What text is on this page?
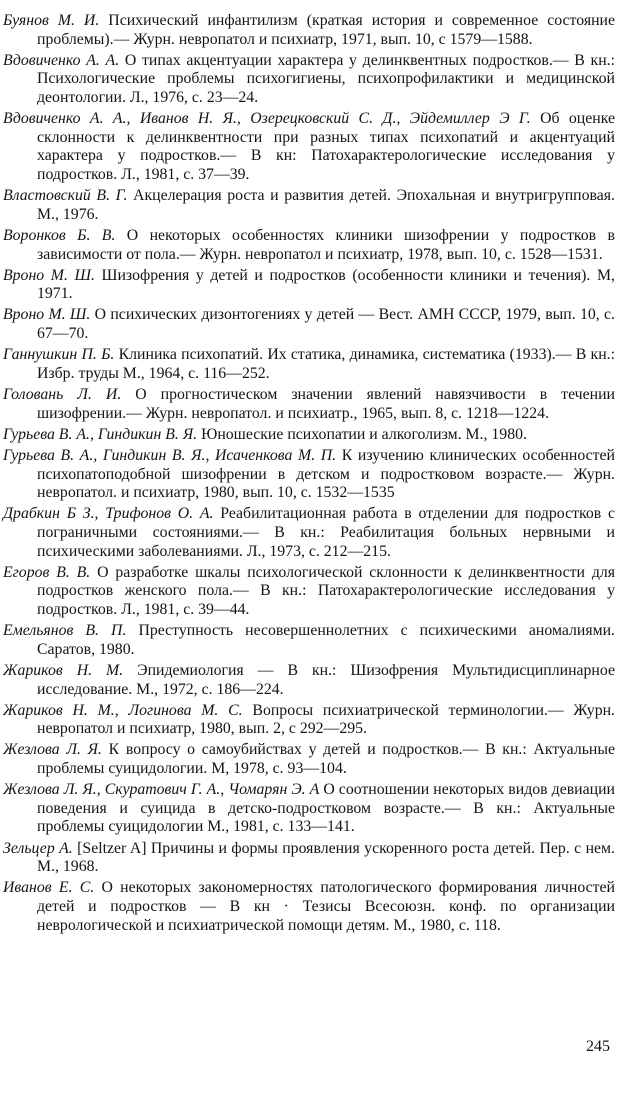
Буянов М. И. Психический инфантилизм (краткая история и современное состояние проблемы).— Журн. невропатол и психиатр, 1971, вып. 10, с 1579—1588.

Вдовиченко А. А. О типах акцентуации характера у делинквентных подростков.— В кн.: Психологические проблемы психогигиены, психопрофилактики и медицинской деонтологии. Л., 1976, с. 23—24.

Вдовиченко А. А., Иванов Н. Я., Озерецковский С. Д., Эйдемиллер Э Г. Об оценке склонности к делинквентности при разных типах психопатий и акцентуаций характера у подростков.— В кн: Патохарактерологические исследования у подростков. Л., 1981, с. 37—39.

Властовский В. Г. Акцелерация роста и развития детей. Эпохальная и внутригрупповая. М., 1976.

Воронков Б. В. О некоторых особенностях клиники шизофрении у подростков в зависимости от пола.— Журн. невропатол и психиатр, 1978, вып. 10, с. 1528—1531.

Вроно М. Ш. Шизофрения у детей и подростков (особенности клиники и течения). М, 1971.

Вроно М. Ш. О психических дизонтогениях у детей — Вест. АМН СССР, 1979, вып. 10, с. 67—70.

Ганнушкин П. Б. Клиника психопатий. Их статика, динамика, систематика (1933).— В кн.: Избр. труды М., 1964, с. 116—252.

Головань Л. И. О прогностическом значении явлений навязчивости в течении шизофрении.— Журн. невропатол. и психиатр., 1965, вып. 8, с. 1218—1224.

Гурьева В. А., Гиндикин В. Я. Юношеские психопатии и алкоголизм. М., 1980.

Гурьева В. А., Гиндикин В. Я., Исаченкова М. П. К изучению клинических особенностей психопатоподобной шизофрении в детском и подростковом возрасте.— Журн. невропатол. и психиатр, 1980, вып. 10, с. 1532—1535

Драбкин Б З., Трифонов О. А. Реабилитационная работа в отделении для подростков с пограничными состояниями.— В кн.: Реабилитация больных нервными и психическими заболеваниями. Л., 1973, с. 212—215.

Егоров В. В. О разработке шкалы психологической склонности к делинквентности для подростков женского пола.— В кн.: Патохарактерологические исследования у подростков. Л., 1981, с. 39—44.

Емельянов В. П. Преступность несовершеннолетних с психическими аномалиями. Саратов, 1980.

Жариков Н. М. Эпидемиология — В кн.: Шизофрения Мультидисциплинарное исследование. М., 1972, с. 186—224.

Жариков Н. М., Логинова М. С. Вопросы психиатрической терминологии.— Журн. невропатол и психиатр, 1980, вып. 2, с 292—295.

Жезлова Л. Я. К вопросу о самоубийствах у детей и подростков.— В кн.: Актуальные проблемы суицидологии. М, 1978, с. 93—104.

Жезлова Л. Я., Скуратович Г. А., Чомарян Э. А О соотношении некоторых видов девиации поведения и суицида в детско-подростковом возрасте.— В кн.: Актуальные проблемы суицидологии М., 1981, с. 133—141.

Зельцер А. [Seltzer A] Причины и формы проявления ускоренного роста детей. Пер. с нем. М., 1968.

Иванов Е. С. О некоторых закономерностях патологического формирования личностей детей и подростков — В кн · Тезисы Всесоюзн. конф. по организации неврологической и психиатрической помощи детям. М., 1980, с. 118.

245
